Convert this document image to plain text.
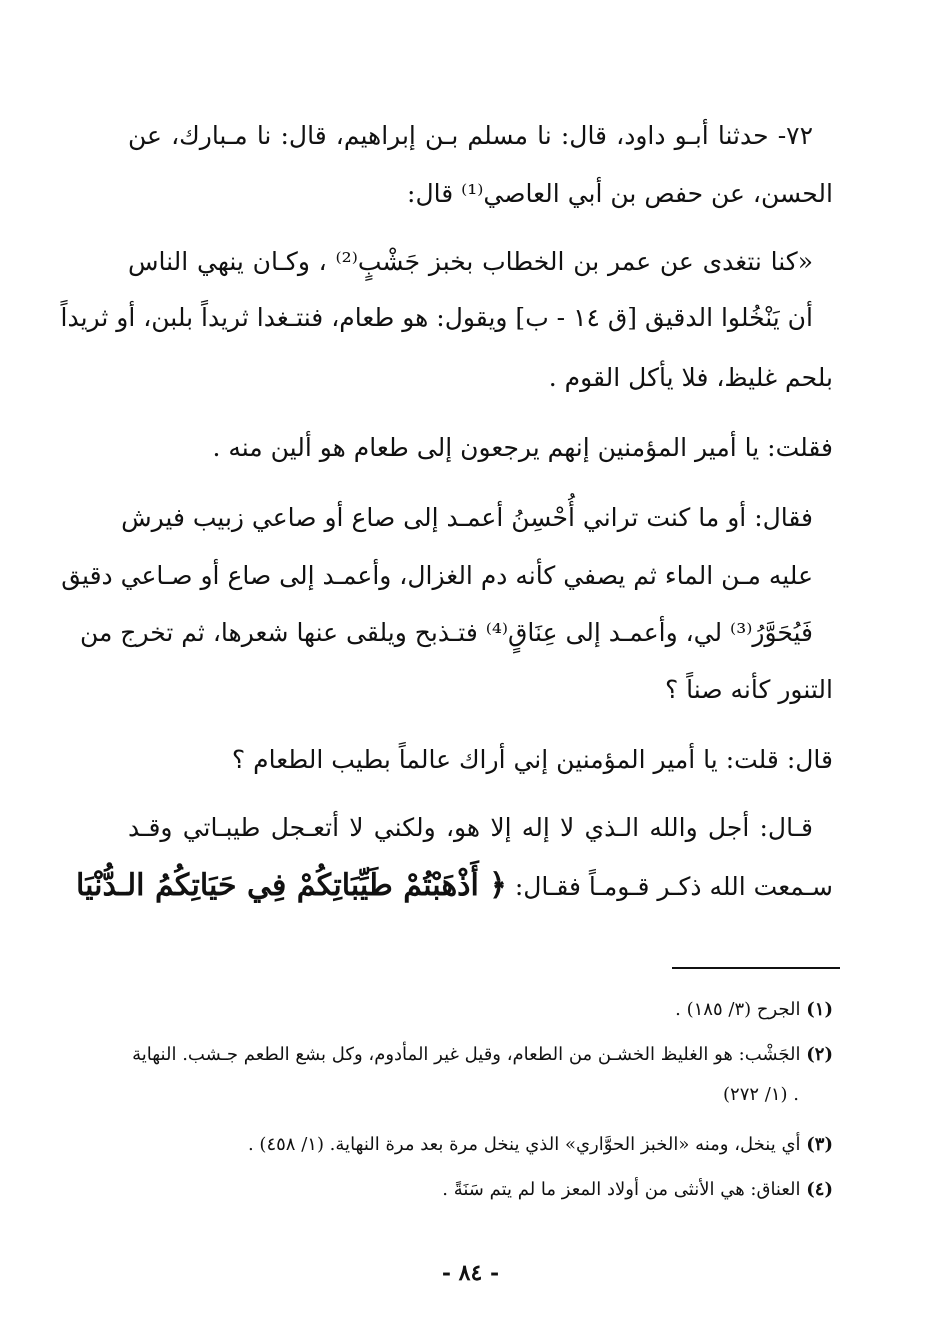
٧٢- حدثنا أبـو داود، قال: نا مسلم بـن إبراهيم، قال: نا مـبارك، عن
الحسن، عن حفص بن أبي العاصي⁽¹⁾ قال:
«كنا نتغدى عن عمر بن الخطاب بخبز جَشْبٍ⁽²⁾ ، وكـان ينهي الناس
أن يَنْخُلوا الدقيق [ق ١٤ - ب] ويقول: هو طعام، فنتـغدا ثريداً بلبن، أو ثريداً
بلحم غليظ، فلا يأكل القوم .
فقلت: يا أمير المؤمنين إنهم يرجعون إلى طعام هو ألين منه .
فقال: أو ما كنت تراني أُحْسِنُ أعمـد إلى صاع أو صاعي زبيب فيرش
عليه مـن الماء ثم يصفي كأنه دم الغزال، وأعمـد إلى صاع أو صـاعي دقيق
فَيُحَوَّرُ⁽³⁾ لي، وأعمـد إلى عِنَاقٍ⁽⁴⁾ فتـذبح ويلقى عنها شعرها، ثم تخرج من
التنور كأنه صناً ؟
قال: قلت: يا أمير المؤمنين إني أراك عالماً بطيب الطعام ؟
قـال: أجل والله الـذي لا إله إلا هو، ولكني لا أتعـجل طيبـاتي وقـد
سـمعت الله ذكـر قـومـاً فقـال: ﴿ أَذْهَبْتُمْ طَيِّبَاتِكُمْ فِي حَيَاتِكُمُ الـدُّنْيَا
(١) الجرح (٣/ ١٨٥) .
(٢) الجَشْب: هو الغليظ الخشـن من الطعام، وقيل غير المأدوم، وكل بشع الطعم جـشب. النهاية
(١/ ٢٧٢) .
(٣) أي ينخل، ومنه «الخبز الحوَّاري» الذي ينخل مرة بعد مرة النهاية. (١/ ٤٥٨) .
(٤) العناق: هي الأنثى من أولاد المعز ما لم يتم سَنَةً .
- ٨٤ -
